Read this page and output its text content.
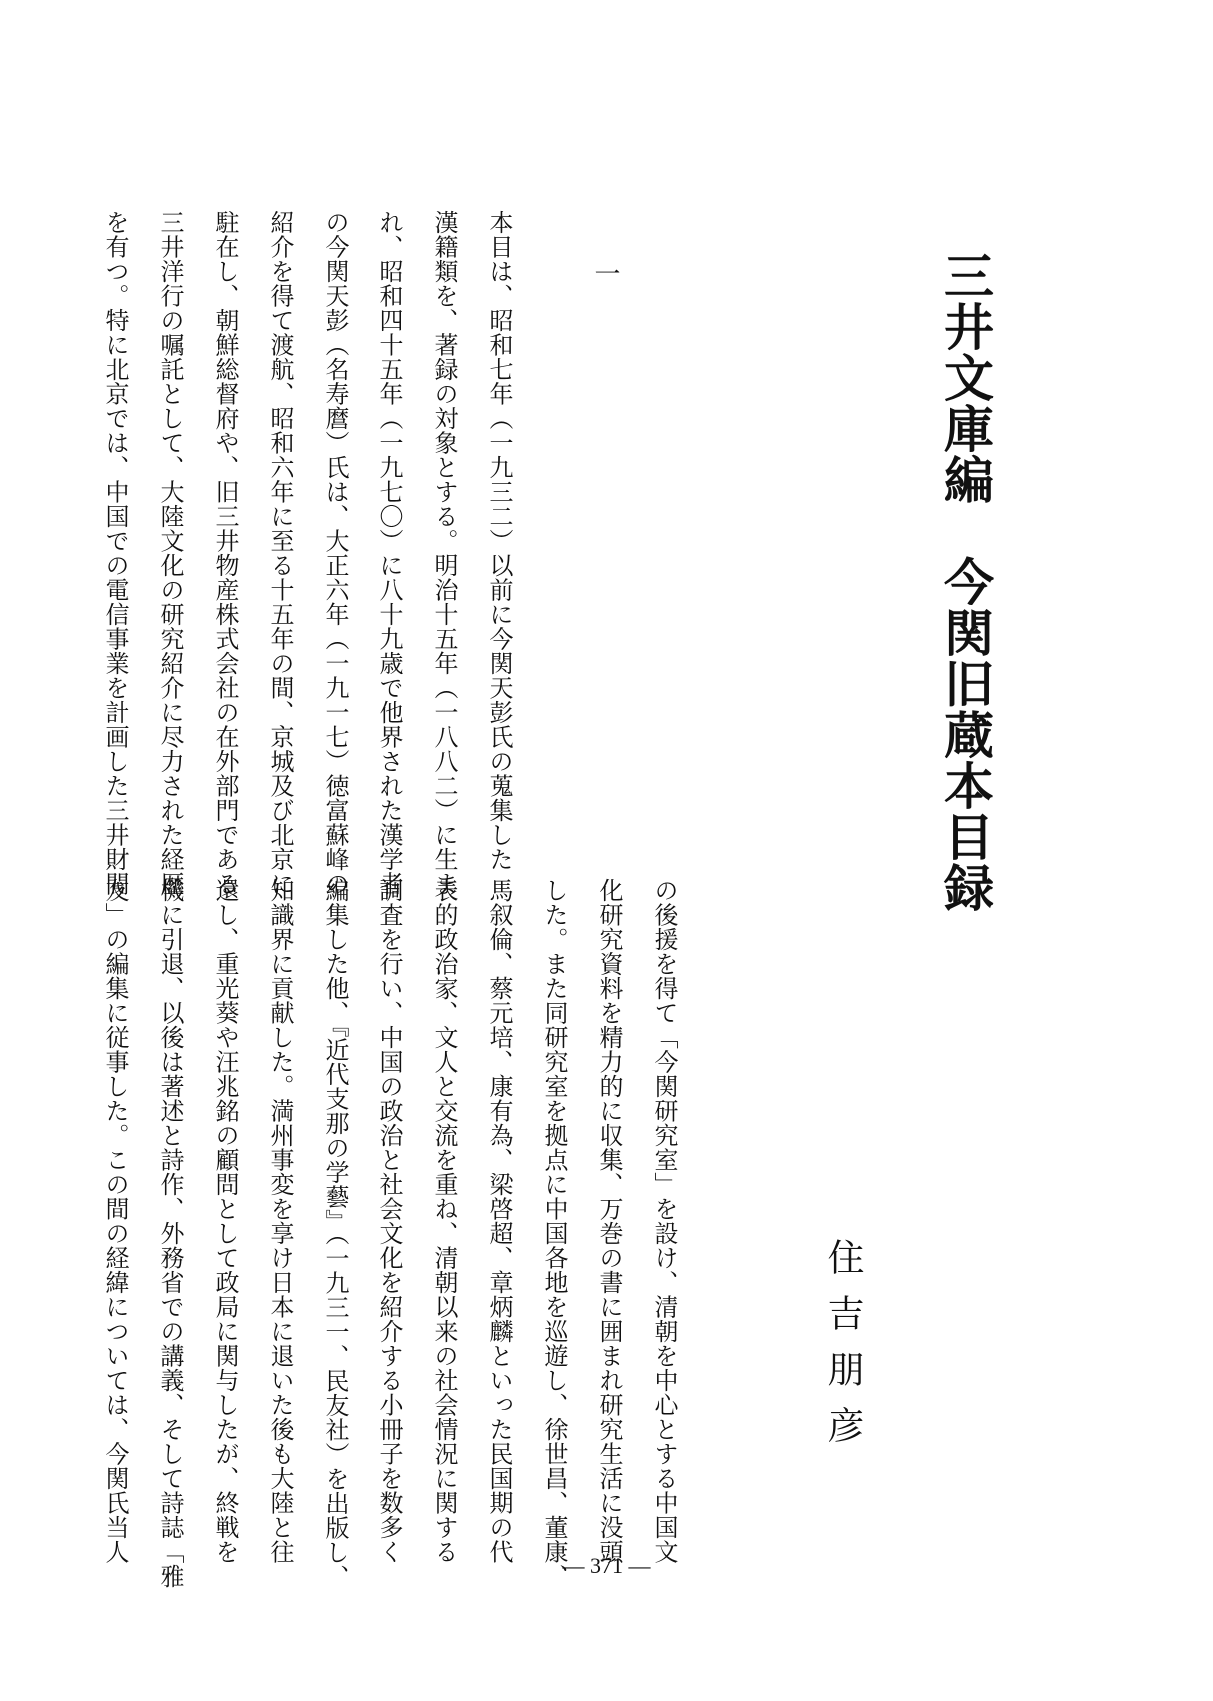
三井文庫編　今関旧蔵本目録
住吉朋彦
一

本目は、昭和七年（一九三二）以前に今関天彭氏の蒐集した

漢籍類を、著録の対象とする。明治十五年（一八八二）に生ま

れ、昭和四十五年（一九七〇）に八十九歳で他界された漢学者

の今関天彭（名寿麿）氏は、大正六年（一九一七）徳富蘇峰の

紹介を得て渡航、昭和六年に至る十五年の間、京城及び北京に

駐在し、朝鮮総督府や、旧三井物産株式会社の在外部門である

三井洋行の嘱託として、大陸文化の研究紹介に尽力された経歴

を有つ。特に北京では、中国での電信事業を計画した三井財閥

の後援を得て「今関研究室」を設け、清朝を中心とする中国文

化研究資料を精力的に収集、万巻の書に囲まれ研究生活に没頭

した。また同研究室を拠点に中国各地を巡遊し、徐世昌、董康、

馬叙倫、蔡元培、康有為、梁啓超、章炳麟といった民国期の代

表的政治家、文人と交流を重ね、清朝以来の社会情況に関する

調査を行い、中国の政治と社会文化を紹介する小冊子を数多く

編集した他、『近代支那の学藝』（一九三一、民友社）を出版し、

知識界に貢献した。満州事変を享け日本に退いた後も大陸と往

還し、重光葵や汪兆銘の顧問として政局に関与したが、終戦を

機に引退、以後は著述と詩作、外務省での講義、そして詩誌「雅

友」の編集に従事した。この間の経緯については、今関氏当人

― 371 ―
